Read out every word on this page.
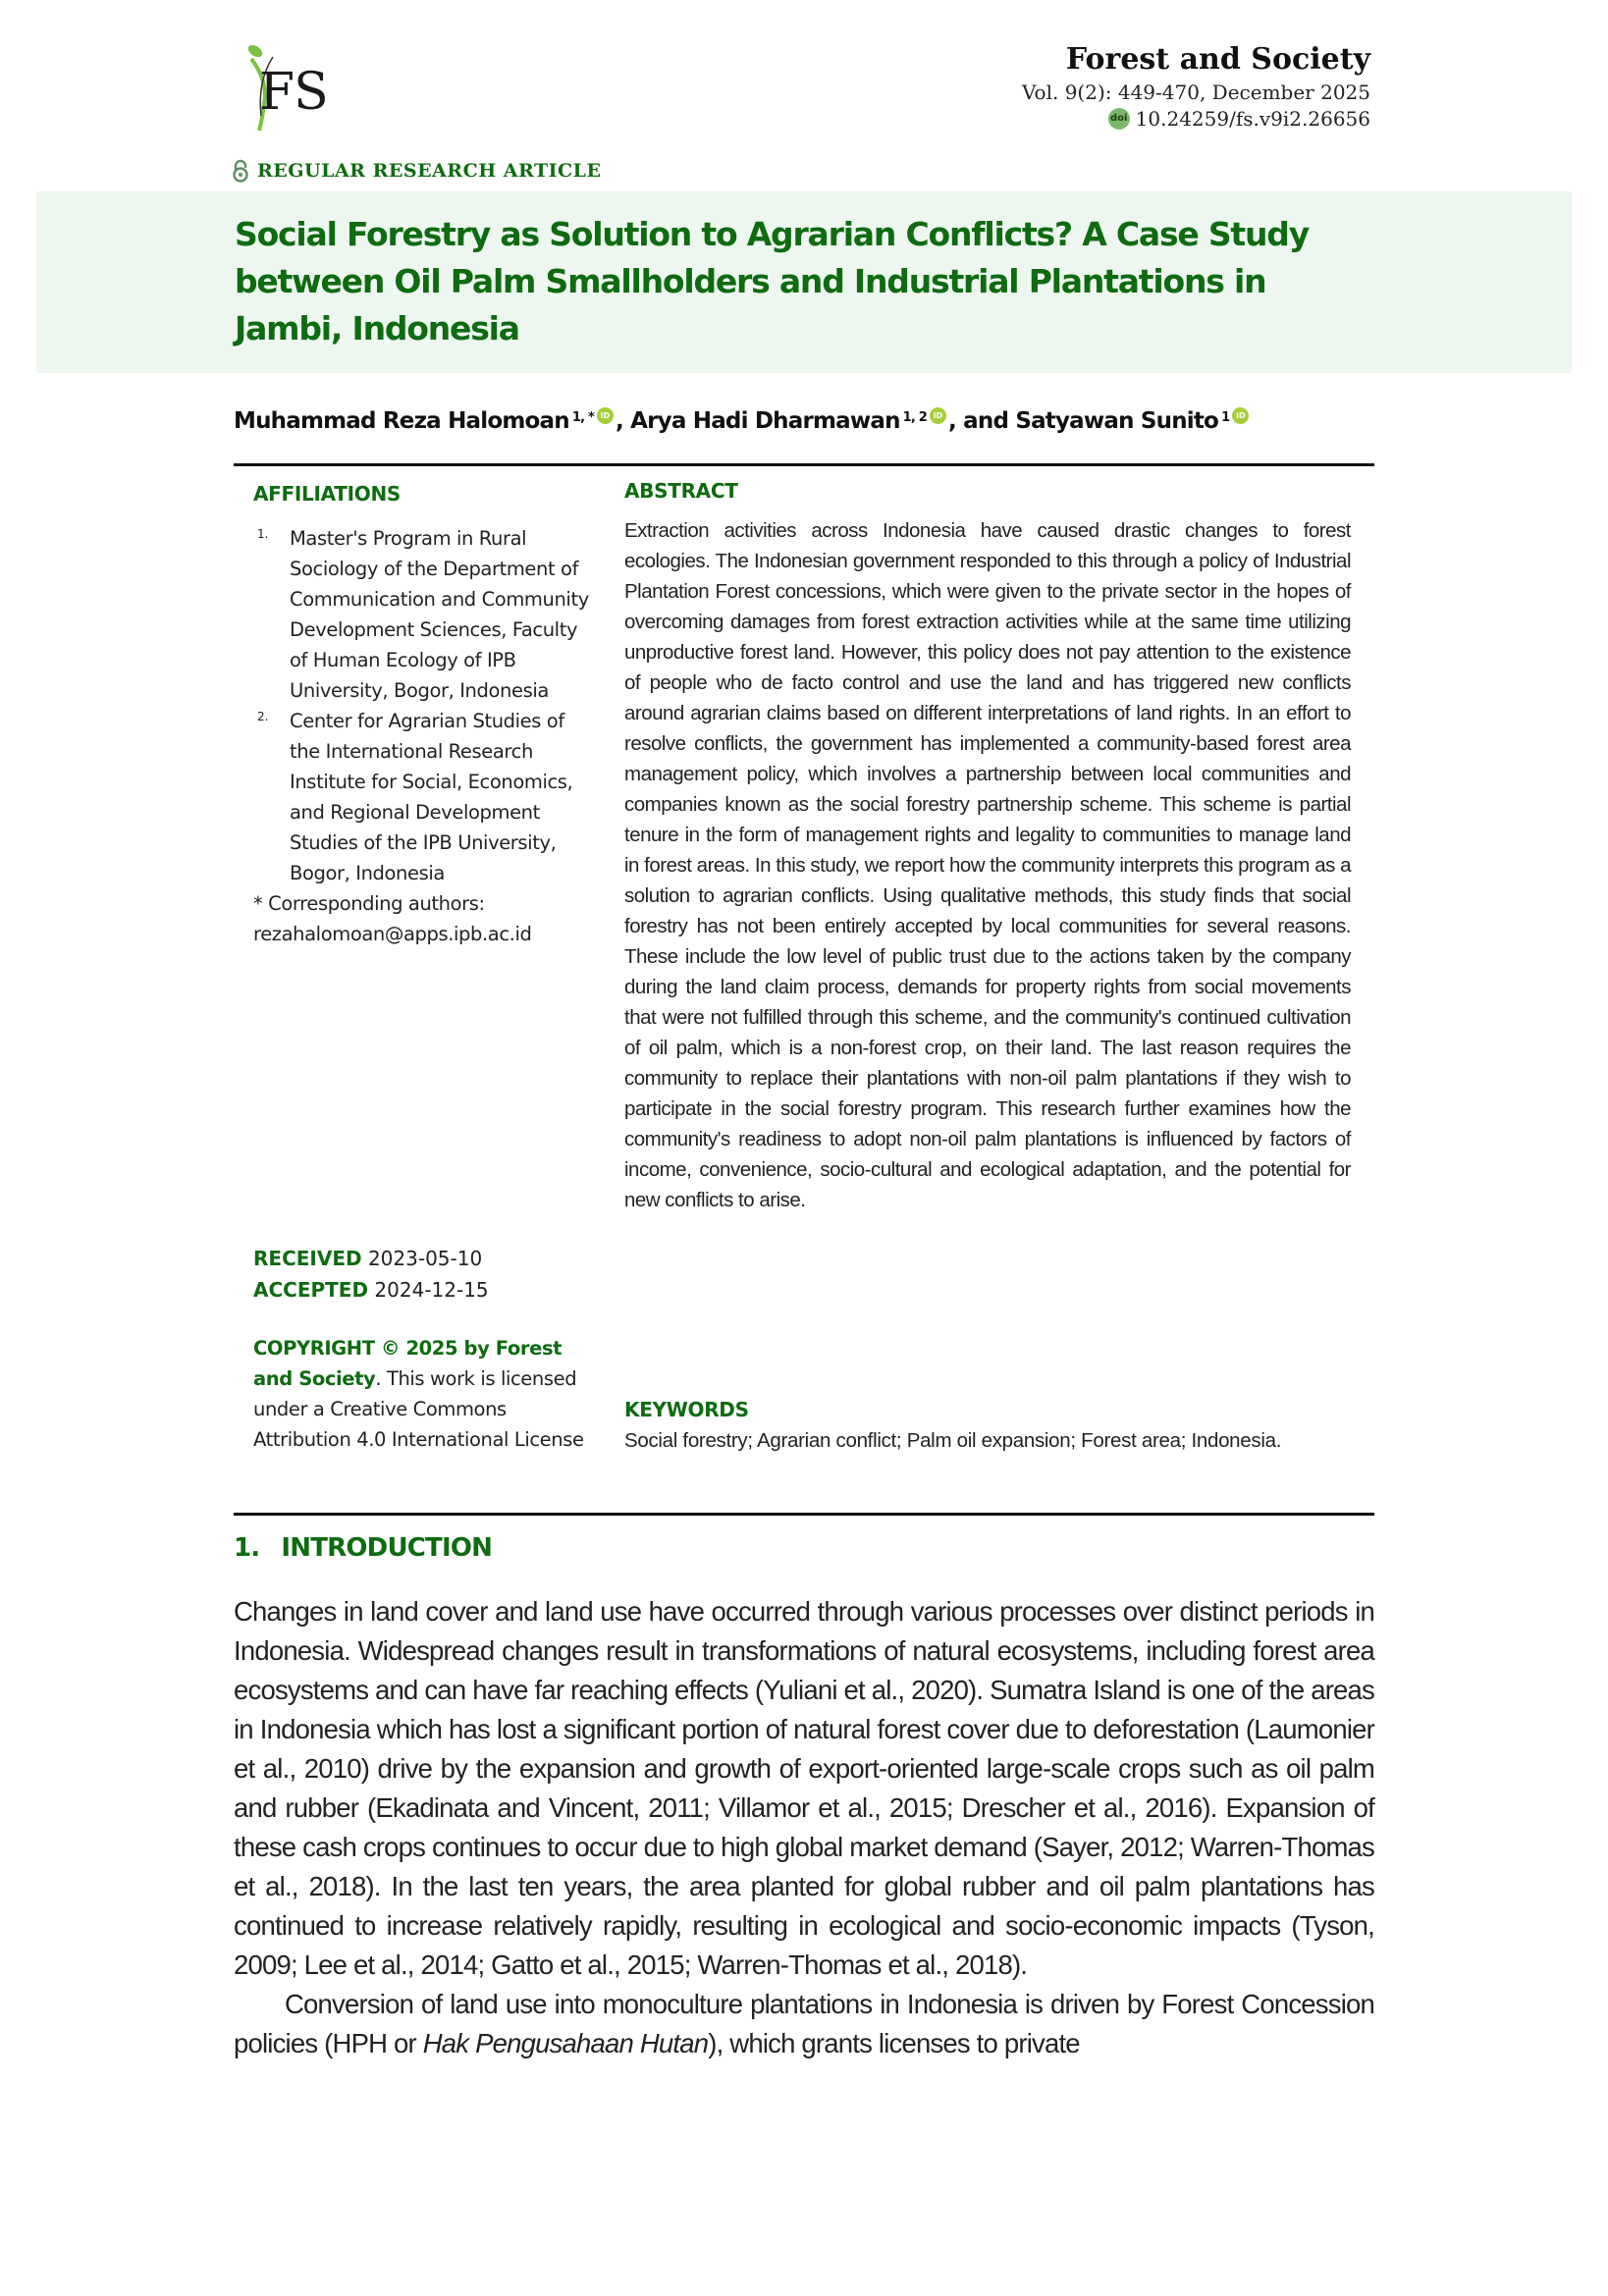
FS
Forest and Society
Vol. 9(2): 449-470, December 2025
doi 10.24259/fs.v9i2.26656
REGULAR RESEARCH ARTICLE
Social Forestry as Solution to Agrarian Conflicts? A Case Study between Oil Palm Smallholders and Industrial Plantations in Jambi, Indonesia
Muhammad Reza Halomoan$^{1, *}$ iD , Arya Hadi Dharmawan$^{1, 2}$ iD , and Satyawan Sunito$^1$ iD
AFFILIATIONS
1.	Master's Program in Rural Sociology of the Department of Communication and Community Development Sciences, Faculty of Human Ecology of IPB University, Bogor, Indonesia
2.	Center for Agrarian Studies of the International Research Institute for Social, Economics, and Regional Development Studies of the IPB University, Bogor, Indonesia
* Corresponding authors:
rezahalomoan@apps.ipb.ac.id
RECEIVED 2023-05-10
ACCEPTED 2024-12-15
COPYRIGHT © 2025 by Forest and Society. This work is licensed under a Creative Commons Attribution 4.0 International License
ABSTRACT
Extraction activities across Indonesia have caused drastic changes to forest ecologies. The Indonesian government responded to this through a policy of Industrial Plantation Forest concessions, which were given to the private sector in the hopes of overcoming damages from forest extraction activities while at the same time utilizing unproductive forest land. However, this policy does not pay attention to the existence of people who de facto control and use the land and has triggered new conflicts around agrarian claims based on different interpretations of land rights. In an effort to resolve conflicts, the government has implemented a community-based forest area management policy, which involves a partnership between local communities and companies known as the social forestry partnership scheme. This scheme is partial tenure in the form of management rights and legality to communities to manage land in forest areas. In this study, we report how the community interprets this program as a solution to agrarian conflicts. Using qualitative methods, this study finds that social forestry has not been entirely accepted by local communities for several reasons. These include the low level of public trust due to the actions taken by the company during the land claim process, demands for property rights from social movements that were not fulfilled through this scheme, and the community's continued cultivation of oil palm, which is a non-forest crop, on their land. The last reason requires the community to replace their plantations with non-oil palm plantations if they wish to participate in the social forestry program. This research further examines how the community's readiness to adopt non-oil palm plantations is influenced by factors of income, convenience, socio-cultural and ecological adaptation, and the potential for new conflicts to arise.
KEYWORDS
Social forestry; Agrarian conflict; Palm oil expansion; Forest area; Indonesia.
1. INTRODUCTION

Changes in land cover and land use have occurred through various processes over distinct periods in Indonesia. Widespread changes result in transformations of natural ecosystems, including forest area ecosystems and can have far reaching effects (Yuliani et al., 2020). Sumatra Island is one of the areas in Indonesia which has lost a significant portion of natural forest cover due to deforestation (Laumonier et al., 2010) drive by the expansion and growth of export-oriented large-scale crops such as oil palm and rubber (Ekadinata and Vincent, 2011; Villamor et al., 2015; Drescher et al., 2016). Expansion of these cash crops continues to occur due to high global market demand (Sayer, 2012; Warren-Thomas et al., 2018). In the last ten years, the area planted for global rubber and oil palm plantations has continued to increase relatively rapidly, resulting in ecological and socio-economic impacts (Tyson, 2009; Lee et al., 2014; Gatto et al., 2015; Warren-Thomas et al., 2018).

Conversion of land use into monoculture plantations in Indonesia is driven by Forest Concession policies (HPH or Hak Pengusahaan Hutan), which grants licenses to private
